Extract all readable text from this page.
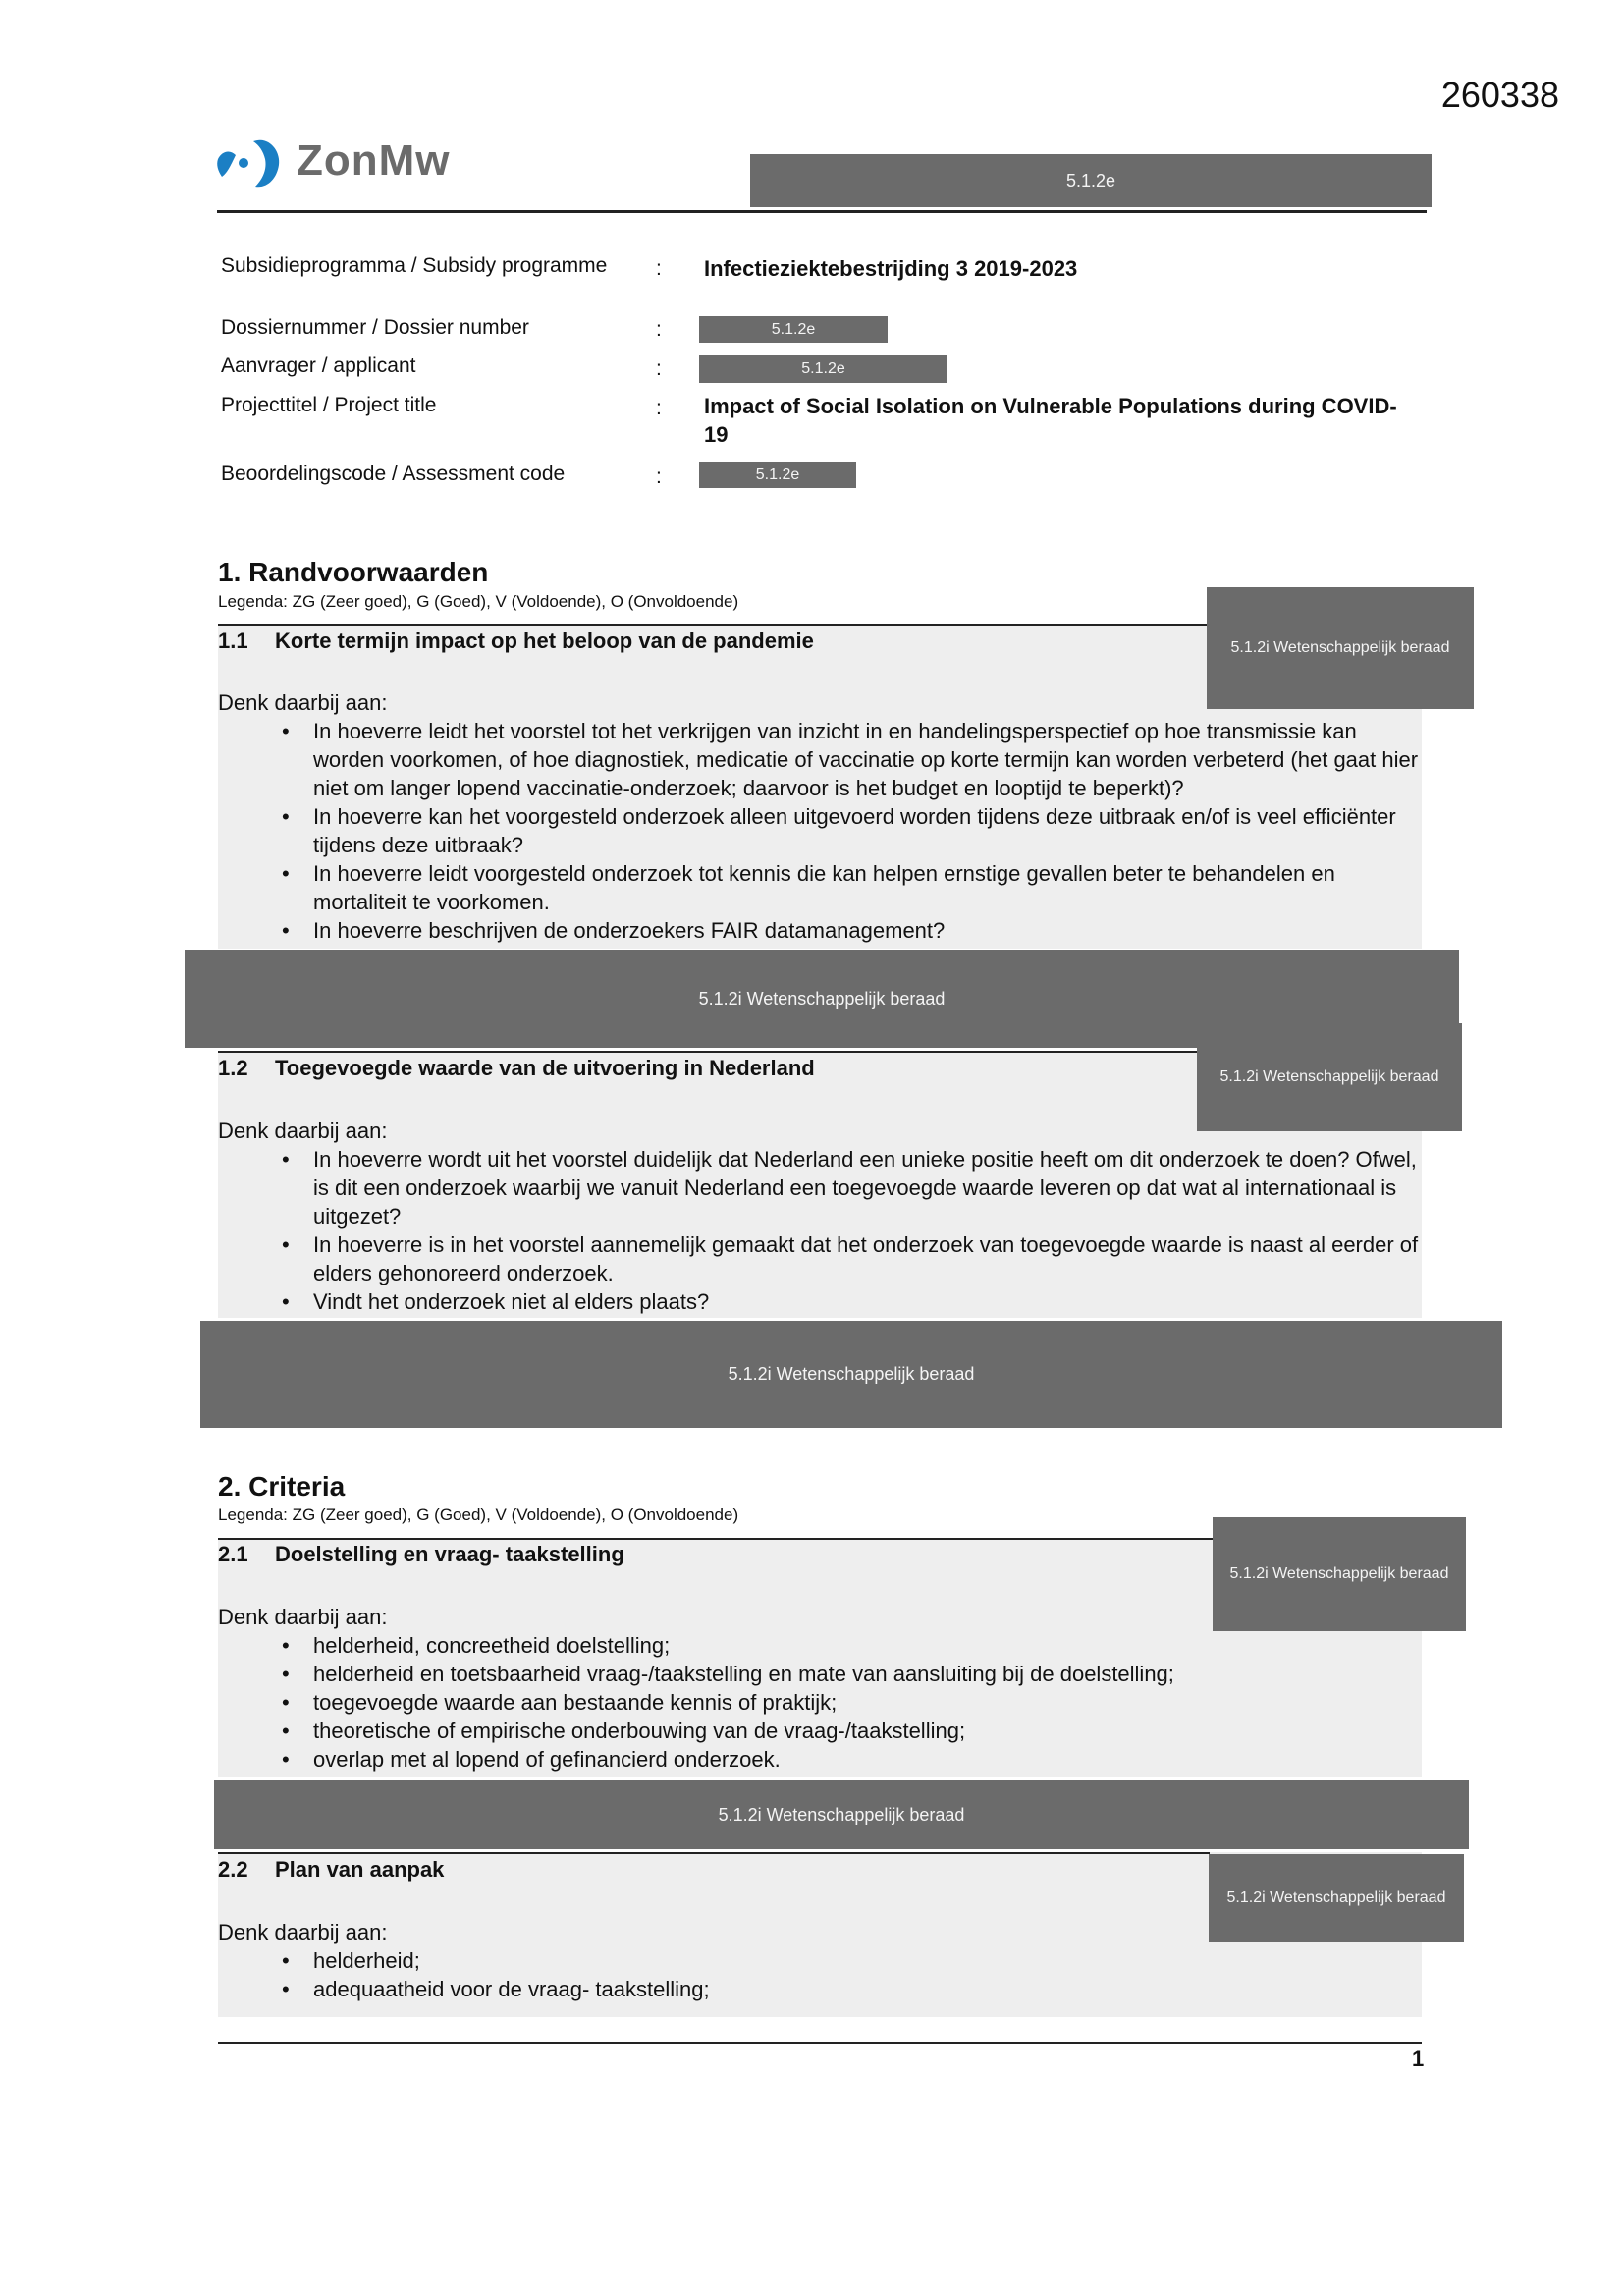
260338
ZonMw	5.1.2e
Subsidieprogramma / Subsidy programme	: Infectieziektebestrijding 3 2019-2023
Dossiernummer / Dossier number	:	5.1.2e
Aanvrager / applicant	:	5.1.2e
Projecttitel / Project title	: Impact of Social Isolation on Vulnerable Populations during COVID-19
Beoordelingscode / Assessment code	:	5.1.2e
1. Randvoorwaarden
Legenda: ZG (Zeer goed), G (Goed), V (Voldoende), O (Onvoldoende)
1.1 Korte termijn impact op het beloop van de pandemie	5.1.2i Wetenschappelijk beraad
Denk daarbij aan:
• In hoeverre leidt het voorstel tot het verkrijgen van inzicht in en handelingsperspectief op hoe transmissie kan worden voorkomen, of hoe diagnostiek, medicatie of vaccinatie op korte termijn kan worden verbeterd (het gaat hier niet om langer lopend vaccinatie-onderzoek; daarvoor is het budget en looptijd te beperkt)?
• In hoeverre kan het voorgesteld onderzoek alleen uitgevoerd worden tijdens deze uitbraak en/of is veel efficiënter tijdens deze uitbraak?
• In hoeverre leidt voorgesteld onderzoek tot kennis die kan helpen ernstige gevallen beter te behandelen en mortaliteit te voorkomen.
• In hoeverre beschrijven de onderzoekers FAIR datamanagement?
5.1.2i Wetenschappelijk beraad
1.2 Toegevoegde waarde van de uitvoering in Nederland	5.1.2i Wetenschappelijk beraad
Denk daarbij aan:
• In hoeverre wordt uit het voorstel duidelijk dat Nederland een unieke positie heeft om dit onderzoek te doen? Ofwel, is dit een onderzoek waarbij we vanuit Nederland een toegevoegde waarde leveren op dat wat al internationaal is uitgezet?
• In hoeverre is in het voorstel aannemelijk gemaakt dat het onderzoek van toegevoegde waarde is naast al eerder of elders gehonoreerd onderzoek.
• Vindt het onderzoek niet al elders plaats?
5.1.2i Wetenschappelijk beraad
2. Criteria
Legenda: ZG (Zeer goed), G (Goed), V (Voldoende), O (Onvoldoende)
2.1 Doelstelling en vraag- taakstelling
5.1.2i Wetenschappelijk beraad
Denk daarbij aan:
• helderheid, concreetheid doelstelling;
• helderheid en toetsbaarheid vraag-/taakstelling en mate van aansluiting bij de doelstelling;
• toegevoegde waarde aan bestaande kennis of praktijk;
• theoretische of empirische onderbouwing van de vraag-/taakstelling;
• overlap met al lopend of gefinancierd onderzoek.
5.1.2i Wetenschappelijk beraad
2.2 Plan van aanpak
5.1.2i Wetenschappelijk beraad
Denk daarbij aan:
• helderheid;
• adequaatheid voor de vraag- taakstelling;
1
